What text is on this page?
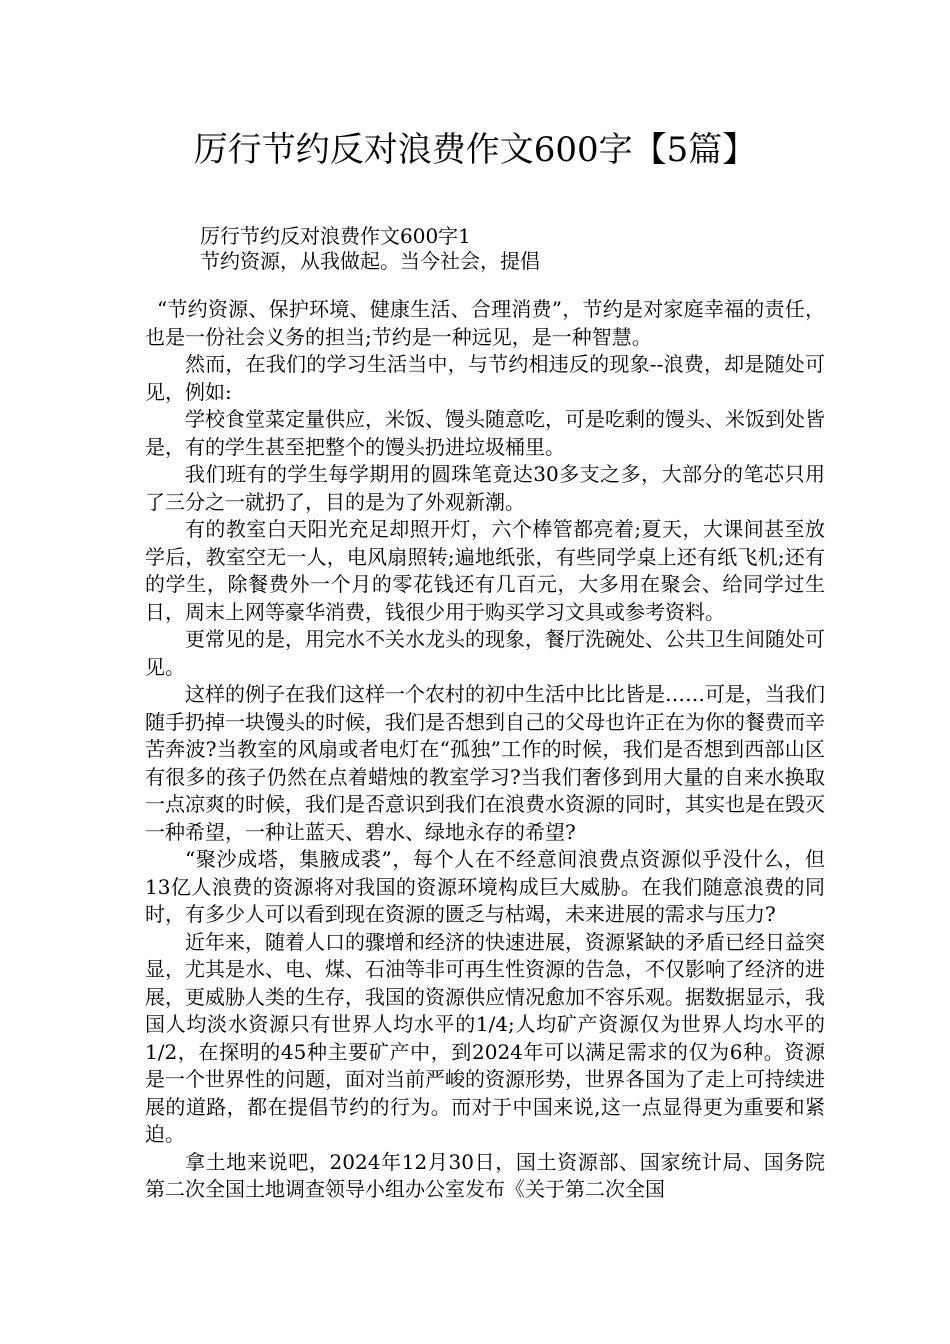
厉行节约反对浪费作文600字【5篇】
厉行节约反对浪费作文600字1
节约资源，从我做起。当今社会，提倡

“节约资源、保护环境、健康生活、合理消费”，节约是对家庭幸福的责任，也是一份社会义务的担当;节约是一种远见，是一种智慧。

然而，在我们的学习生活当中，与节约相违反的现象--浪费，却是随处可见，例如:

学校食堂菜定量供应，米饭、馒头随意吃，可是吃剩的馒头、米饭到处皆是，有的学生甚至把整个的馒头扔进垃圾桶里。

我们班有的学生每学期用的圆珠笔竟达30多支之多，大部分的笔芯只用了三分之一就扔了，目的是为了外观新潮。

有的教室白天阳光充足却照开灯，六个棒管都亮着;夏天，大课间甚至放学后，教室空无一人，电风扇照转;遍地纸张，有些同学桌上还有纸飞机;还有的学生，除餐费外一个月的零花钱还有几百元，大多用在聚会、给同学过生日，周末上网等豪华消费，钱很少用于购买学习文具或参考资料。

更常见的是，用完水不关水龙头的现象，餐厅洗碗处、公共卫生间随处可见。

这样的例子在我们这样一个农村的初中生活中比比皆是……可是，当我们随手扔掉一块馒头的时候，我们是否想到自己的父母也许正在为你的餐费而辛苦奔波?当教室的风扇或者电灯在“孤独”工作的时候，我们是否想到西部山区有很多的孩子仍然在点着蜡烛的教室学习?当我们奢侈到用大量的自来水换取一点凉爽的时候，我们是否意识到我们在浪费水资源的同时，其实也是在毁灭一种希望，一种让蓝天、碧水、绿地永存的希望?

“聚沙成塔，集腋成裘”，每个人在不经意间浪费点资源似乎没什么，但13亿人浪费的资源将对我国的资源环境构成巨大威胁。在我们随意浪费的同时，有多少人可以看到现在资源的匮乏与枯竭，未来进展的需求与压力?

近年来，随着人口的骤增和经济的快速进展，资源紧缺的矛盾已经日益突显，尤其是水、电、煤、石油等非可再生性资源的告急，不仅影响了经济的进展，更威胁人类的生存，我国的资源供应情况愈加不容乐观。据数据显示，我国人均淡水资源只有世界人均水平的1/4;人均矿产资源仅为世界人均水平的1/2，在探明的45种主要矿产中，到2024年可以满足需求的仅为6种。资源是一个世界性的问题，面对当前严峻的资源形势，世界各国为了走上可持续进展的道路，都在提倡节约的行为。而对于中国来说,这一点显得更为重要和紧迫。

拿土地来说吧，2024年12月30日，国土资源部、国家统计局、国务院第二次全国土地调查领导小组办公室发布《关于第二次全国
